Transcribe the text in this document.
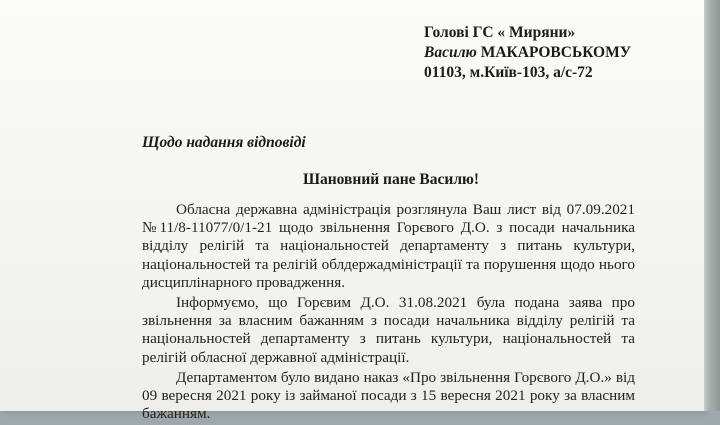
Голові ГС « Миряни»
Василю МАКАРОВСЬКОМУ
01103, м.Київ-103, а/с-72
Щодо надання відповіді
Шановний пане Василю!

Обласна державна адміністрація розглянула Ваш лист від 07.09.2021 №11/8-11077/0/1-21 щодо звільнення Горєвого Д.О. з посади начальника відділу релігій та національностей департаменту з питань культури, національностей та релігій облдержадміністрації та порушення щодо нього дисциплінарного провадження.

Інформуємо, що Горєвим Д.О. 31.08.2021 була подана заява про звільнення за власним бажанням з посади начальника відділу релігій та національностей департаменту з питань культури, національностей та релігій обласної державної адміністрації.

Департаментом було видано наказ «Про звільнення Горєвого Д.О.» від 09 вересня 2021 року із займаної посади з 15 вересня 2021 року за власним бажанням.
